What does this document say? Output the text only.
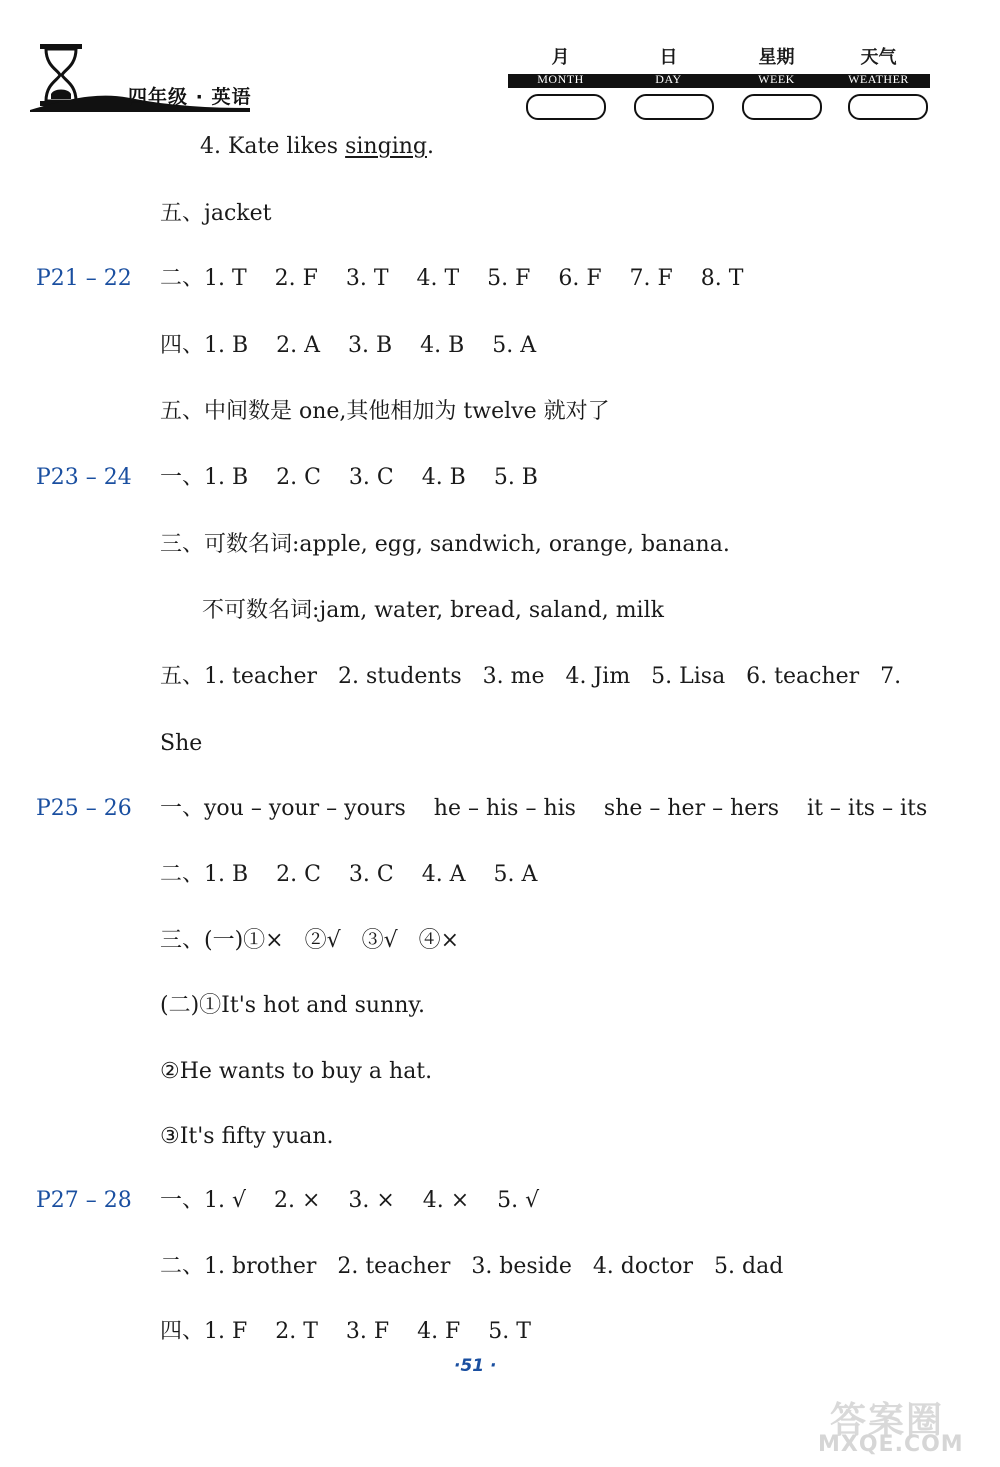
四年级 · 英语
月
MONTH
日
DAY
星期
WEEK
天气
WEATHER
4. Kate likes singing.
五、jacket
P21 – 22 二、1. T    2. F    3. T    4. T    5. F    6. F    7. F    8. T
四、1. B    2. A    3. B    4. B    5. A
五、中间数是 one,其他相加为 twelve 就对了
P23 – 24 一、1. B    2. C    3. C    4. B    5. B
三、可数名词:apple, egg, sandwich, orange, banana.
不可数名词:jam, water, bread, saland, milk
五、1. teacher   2. students   3. me   4. Jim   5. Lisa   6. teacher   7.
She
P25 – 26 一、you – your – yours    he – his – his    she – her – hers    it – its – its
二、1. B    2. C    3. C    4. A    5. A
三、(一)①×   ②√   ③√   ④×
(二)①It's hot and sunny.
②He wants to buy a hat.
③It's fifty yuan.
P27 – 28 一、1. √    2. ×    3. ×    4. ×    5. √
二、1. brother   2. teacher   3. beside   4. doctor   5. dad
四、1. F    2. T    3. F    4. F    5. T
·51 ·
答案圈
MXQE.COM
